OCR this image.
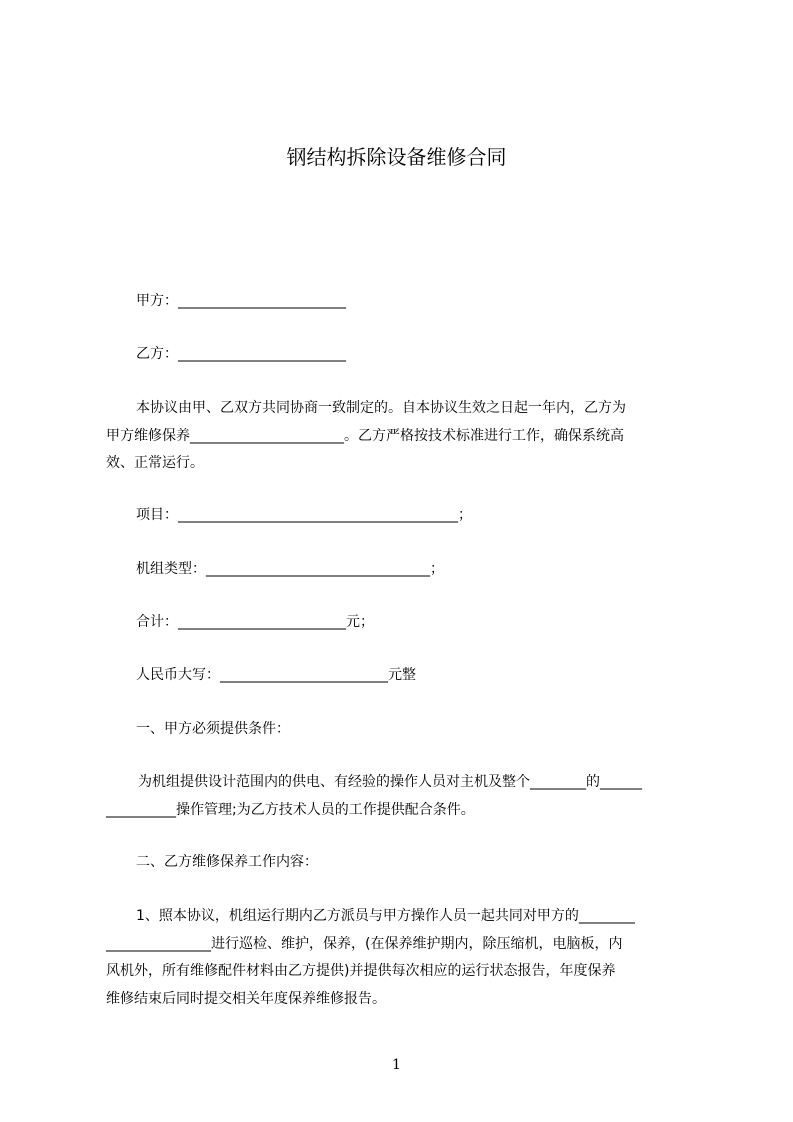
钢结构拆除设备维修合同
甲方：________________________
乙方：________________________
本协议由甲、乙双方共同协商一致制定的。自本协议生效之日起一年内，乙方为
甲方维修保养______________________。乙方严格按技术标准进行工作，确保系统高
效、正常运行。
项目：________________________________________；
机组类型：________________________________；
合计：________________________元；
人民币大写：________________________元整
一、甲方必须提供条件：
为机组提供设计范围内的供电、有经验的操作人员对主机及整个________的______
__________操作管理;为乙方技术人员的工作提供配合条件。
二、乙方维修保养工作内容：
1、照本协议，机组运行期内乙方派员与甲方操作人员一起共同对甲方的________
_______________进行巡检、维护，保养，(在保养维护期内，除压缩机，电脑板，内
风机外，所有维修配件材料由乙方提供)并提供每次相应的运行状态报告，年度保养
维修结束后同时提交相关年度保养维修报告。
1
